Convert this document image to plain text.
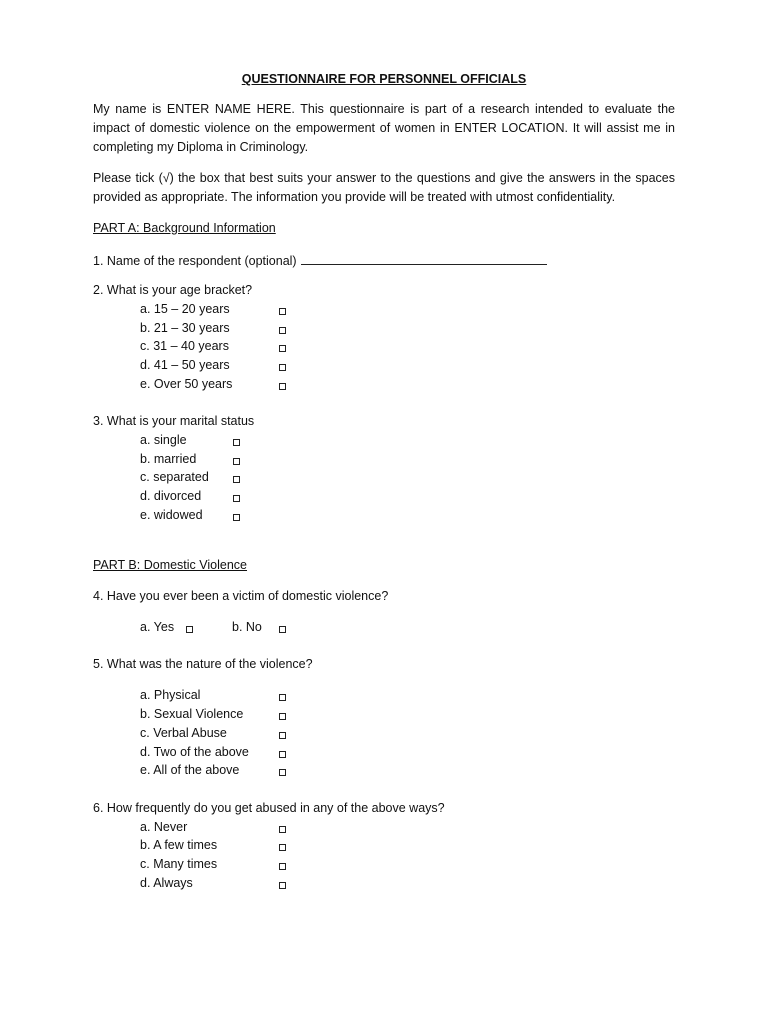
QUESTIONNAIRE FOR PERSONNEL OFFICIALS
My name is ENTER NAME HERE. This questionnaire is part of a research intended to evaluate the impact of domestic violence on the empowerment of women in ENTER LOCATION. It will assist me in completing my Diploma in Criminology.
Please tick (√) the box that best suits your answer to the questions and give the answers in the spaces provided as appropriate. The information you provide will be treated with utmost confidentiality.
PART A: Background Information
1. Name of the respondent (optional)
2. What is your age bracket?
a. 15 – 20 years
b. 21 – 30 years
c. 31 – 40 years
d. 41 – 50 years
e. Over 50 years
3. What is your marital status
a. single
b. married
c. separated
d. divorced
e. widowed
PART B: Domestic Violence
4. Have you ever been a victim of domestic violence?
a. Yes	b. No
5. What was the nature of the violence?
a. Physical
b. Sexual Violence
c. Verbal Abuse
d. Two of the above
e. All of the above
6. How frequently do you get abused in any of the above ways?
a. Never
b. A few times
c. Many times
d. Always
